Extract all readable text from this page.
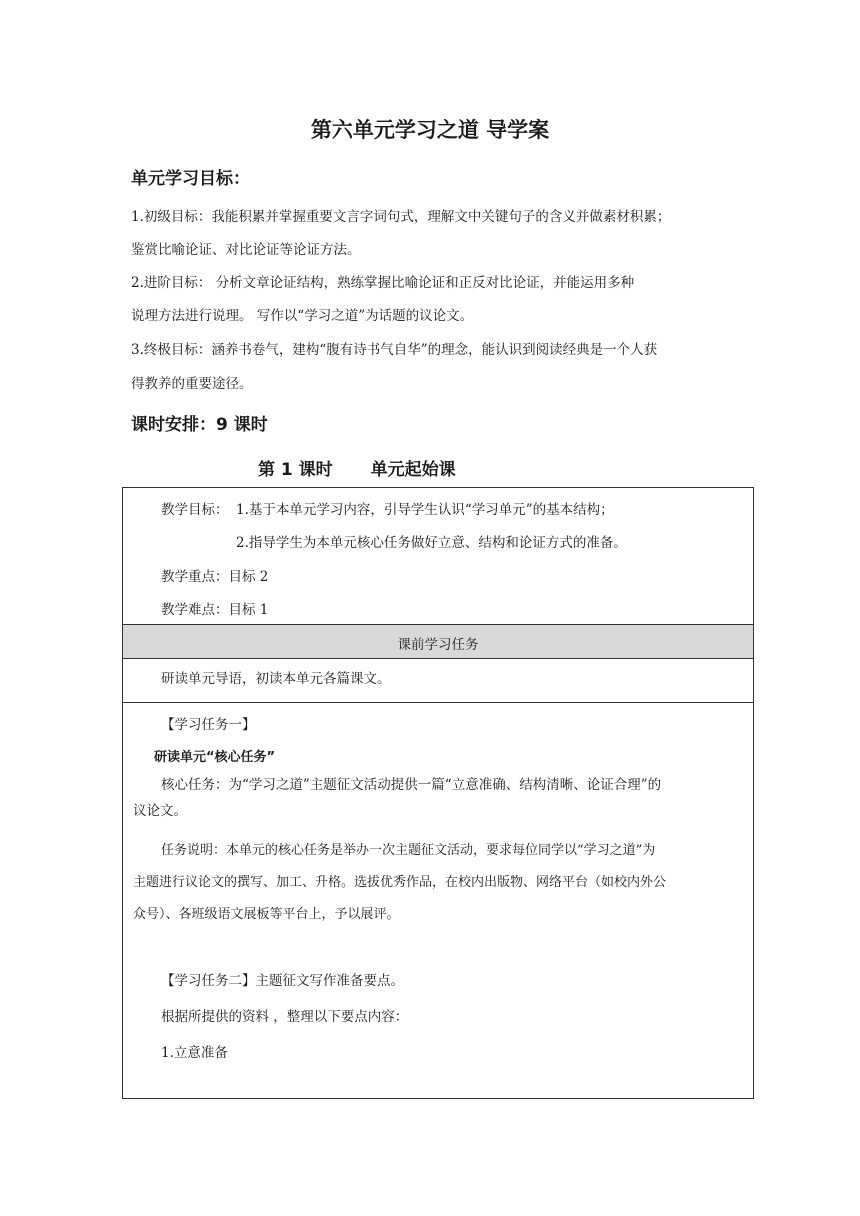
第六单元学习之道 导学案
单元学习目标：
1.初级目标：我能积累并掌握重要文言字词句式，理解文中关键句子的含义并做素材积累；
鉴赏比喻论证、对比论证等论证方法。
2.进阶目标： 分析文章论证结构，熟练掌握比喻论证和正反对比论证，并能运用多种
说理方法进行说理。 写作以“学习之道”为话题的议论文。
3.终极目标：涵养书卷气，建构“腹有诗书气自华”的理念，能认识到阅读经典是一个人获
得教养的重要途径。
课时安排：9 课时
第 1 课时 单元起始课
教学目标： 1.基于本单元学习内容，引导学生认识“学习单元”的基本结构；
2.指导学生为本单元核心任务做好立意、结构和论证方式的准备。
教学重点：目标 2
教学难点：目标 1
课前学习任务
研读单元导语，初读本单元各篇课文。
【学习任务一】
研读单元“核心任务”
核心任务：为“学习之道”主题征文活动提供一篇“立意准确、结构清晰、论证合理”的
议论文。
任务说明：本单元的核心任务是举办一次主题征文活动，要求每位同学以“学习之道”为
主题进行议论文的撰写、加工、升格。选拔优秀作品，在校内出版物、网络平台（如校内外公
众号）、各班级语文展板等平台上，予以展评。
【学习任务二】主题征文写作准备要点。
根据所提供的资料 ，整理以下要点内容：
1.立意准备
